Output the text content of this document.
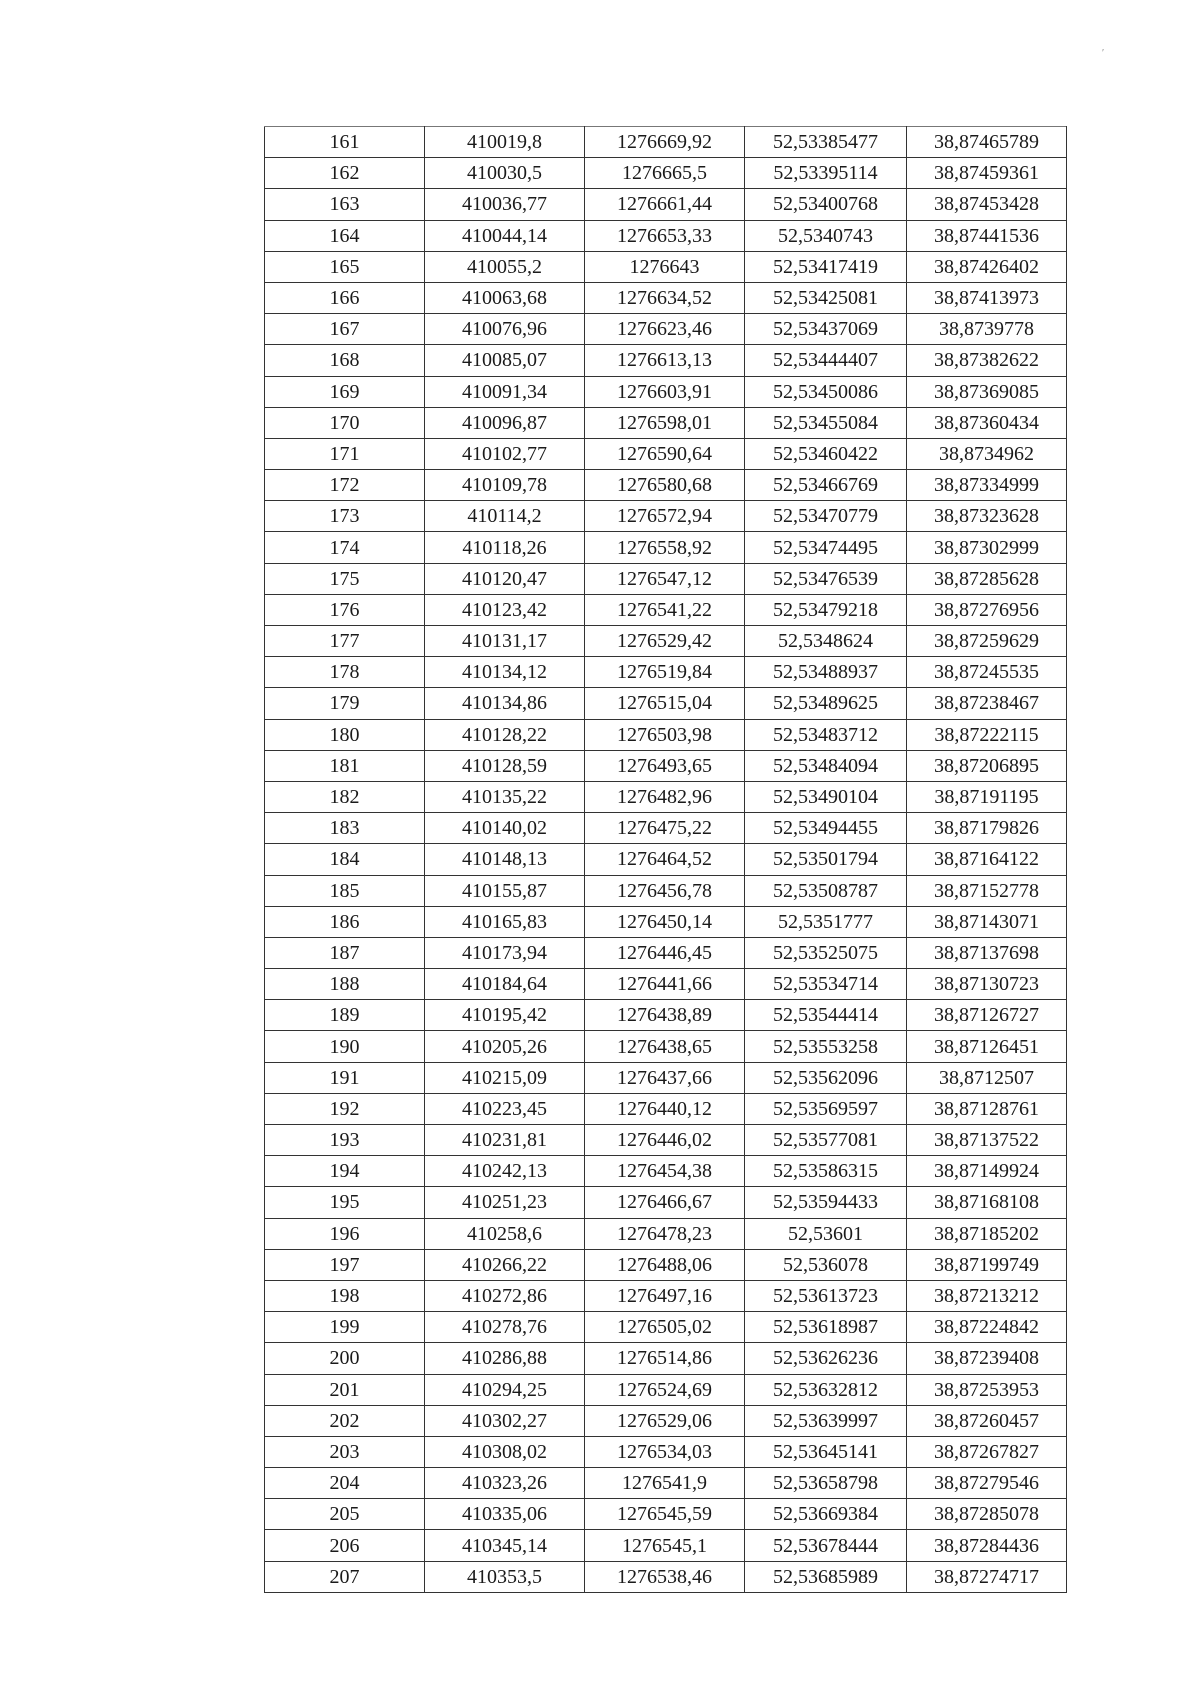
ʹ
161	410019,8	1276669,92	52,53385477	38,87465789
162	410030,5	1276665,5	52,53395114	38,87459361
163	410036,77	1276661,44	52,53400768	38,87453428
164	410044,14	1276653,33	52,5340743	38,87441536
165	410055,2	1276643	52,53417419	38,87426402
166	410063,68	1276634,52	52,53425081	38,87413973
167	410076,96	1276623,46	52,53437069	38,8739778
168	410085,07	1276613,13	52,53444407	38,87382622
169	410091,34	1276603,91	52,53450086	38,87369085
170	410096,87	1276598,01	52,53455084	38,87360434
171	410102,77	1276590,64	52,53460422	38,8734962
172	410109,78	1276580,68	52,53466769	38,87334999
173	410114,2	1276572,94	52,53470779	38,87323628
174	410118,26	1276558,92	52,53474495	38,87302999
175	410120,47	1276547,12	52,53476539	38,87285628
176	410123,42	1276541,22	52,53479218	38,87276956
177	410131,17	1276529,42	52,5348624	38,87259629
178	410134,12	1276519,84	52,53488937	38,87245535
179	410134,86	1276515,04	52,53489625	38,87238467
180	410128,22	1276503,98	52,53483712	38,87222115
181	410128,59	1276493,65	52,53484094	38,87206895
182	410135,22	1276482,96	52,53490104	38,87191195
183	410140,02	1276475,22	52,53494455	38,87179826
184	410148,13	1276464,52	52,53501794	38,87164122
185	410155,87	1276456,78	52,53508787	38,87152778
186	410165,83	1276450,14	52,5351777	38,87143071
187	410173,94	1276446,45	52,53525075	38,87137698
188	410184,64	1276441,66	52,53534714	38,87130723
189	410195,42	1276438,89	52,53544414	38,87126727
190	410205,26	1276438,65	52,53553258	38,87126451
191	410215,09	1276437,66	52,53562096	38,8712507
192	410223,45	1276440,12	52,53569597	38,87128761
193	410231,81	1276446,02	52,53577081	38,87137522
194	410242,13	1276454,38	52,53586315	38,87149924
195	410251,23	1276466,67	52,53594433	38,87168108
196	410258,6	1276478,23	52,53601	38,87185202
197	410266,22	1276488,06	52,536078	38,87199749
198	410272,86	1276497,16	52,53613723	38,87213212
199	410278,76	1276505,02	52,53618987	38,87224842
200	410286,88	1276514,86	52,53626236	38,87239408
201	410294,25	1276524,69	52,53632812	38,87253953
202	410302,27	1276529,06	52,53639997	38,87260457
203	410308,02	1276534,03	52,53645141	38,87267827
204	410323,26	1276541,9	52,53658798	38,87279546
205	410335,06	1276545,59	52,53669384	38,87285078
206	410345,14	1276545,1	52,53678444	38,87284436
207	410353,5	1276538,46	52,53685989	38,87274717
